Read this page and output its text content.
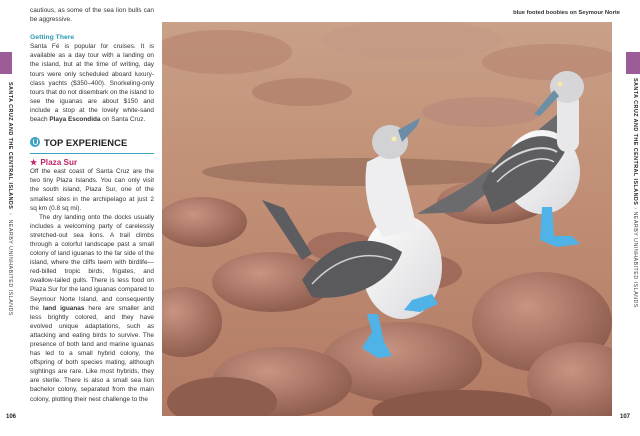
SANTA CRUZ AND THE CENTRAL ISLANDS › NEARBY UNINHABITED ISLANDS

cautious, as some of the sea lion bulls can be aggressive.

Getting There

Santa Fé is popular for cruises. It is available as a day tour with a landing on the island, but at the time of writing, day tours were only scheduled aboard luxury-class yachts ($350–400). Snorkeling-only tours that do not disembark on the island to see the iguanas are about $150 and include a stop at the lovely white-sand beach Playa Escondida on Santa Cruz.

TOP EXPERIENCE
★ Plaza Sur

Off the east coast of Santa Cruz are the two tiny Plaza Islands. You can only visit the south island, Plaza Sur, one of the smallest sites in the archipelago at just 2 sq km (0.8 sq mi).

The dry landing onto the docks usually includes a welcoming party of carelessly stretched-out sea lions. A trail climbs through a colorful landscape past a small colony of land iguanas to the far side of the island, where the cliffs teem with birdlife—red-billed tropic birds, frigates, and swallow-tailed gulls. There is less food on Plaza Sur for the land iguanas compared to Seymour Norte Island, and consequently the land iguanas here are smaller and less brightly colored, and they have evolved unique adaptations, such as attacking and eating birds to survive. The presence of both land and marine iguanas has led to a small hybrid colony, the offspring of both species mating, although sightings are rare. Like most hybrids, they are sterile. There is also a small sea lion bachelor colony, separated from the main colony, plotting their nest challenge to the

106
blue footed boobies on Seymour Norte
SANTA CRUZ AND THE CENTRAL ISLANDS › NEARBY UNINHABITED ISLANDS
107
